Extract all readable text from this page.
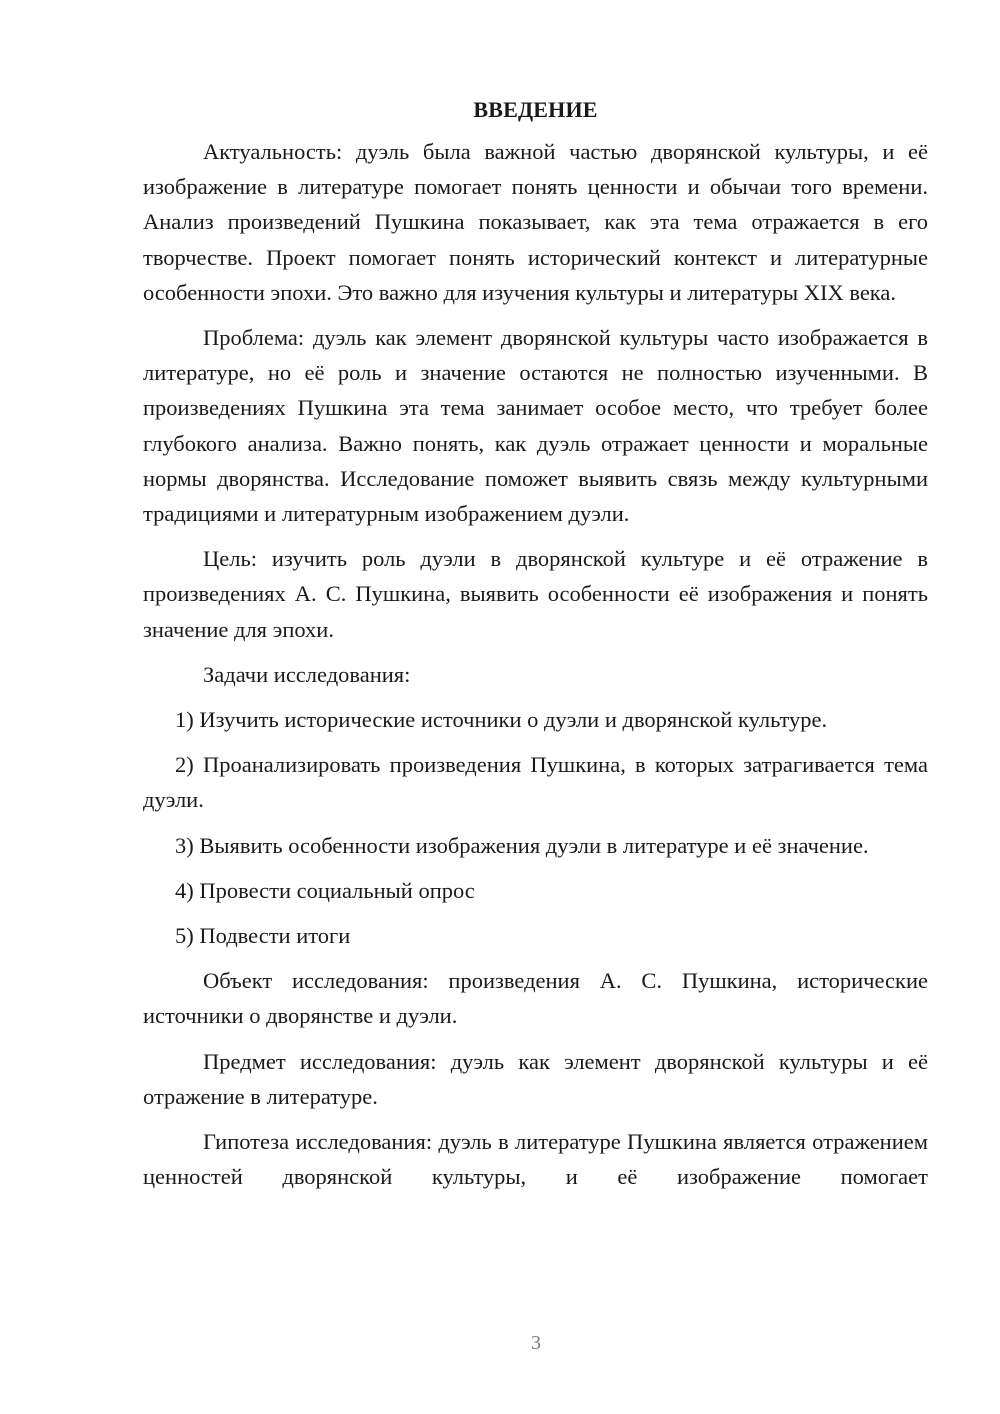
ВВЕДЕНИЕ

Актуальность: дуэль была важной частью дворянской культуры, и её изображение в литературе помогает понять ценности и обычаи того времени. Анализ произведений Пушкина показывает, как эта тема отражается в его творчестве. Проект помогает понять исторический контекст и литературные особенности эпохи. Это важно для изучения культуры и литературы XIX века.

Проблема: дуэль как элемент дворянской культуры часто изображается в литературе, но её роль и значение остаются не полностью изученными. В произведениях Пушкина эта тема занимает особое место, что требует более глубокого анализа. Важно понять, как дуэль отражает ценности и моральные нормы дворянства. Исследование поможет выявить связь между культурными традициями и литературным изображением дуэли.

Цель: изучить роль дуэли в дворянской культуре и её отражение в произведениях А. С. Пушкина, выявить особенности её изображения и понять значение для эпохи.

Задачи исследования:

1) Изучить исторические источники о дуэли и дворянской культуре.

2) Проанализировать произведения Пушкина, в которых затрагивается тема дуэли.

3) Выявить особенности изображения дуэли в литературе и её значение.

4) Провести социальный опрос

5) Подвести итоги

Объект исследования: произведения А. С. Пушкина, исторические источники о дворянстве и дуэли.

Предмет исследования: дуэль как элемент дворянской культуры и её отражение в литературе.

Гипотеза исследования: дуэль в литературе Пушкина является отражением ценностей дворянской культуры, и её изображение помогает

3
